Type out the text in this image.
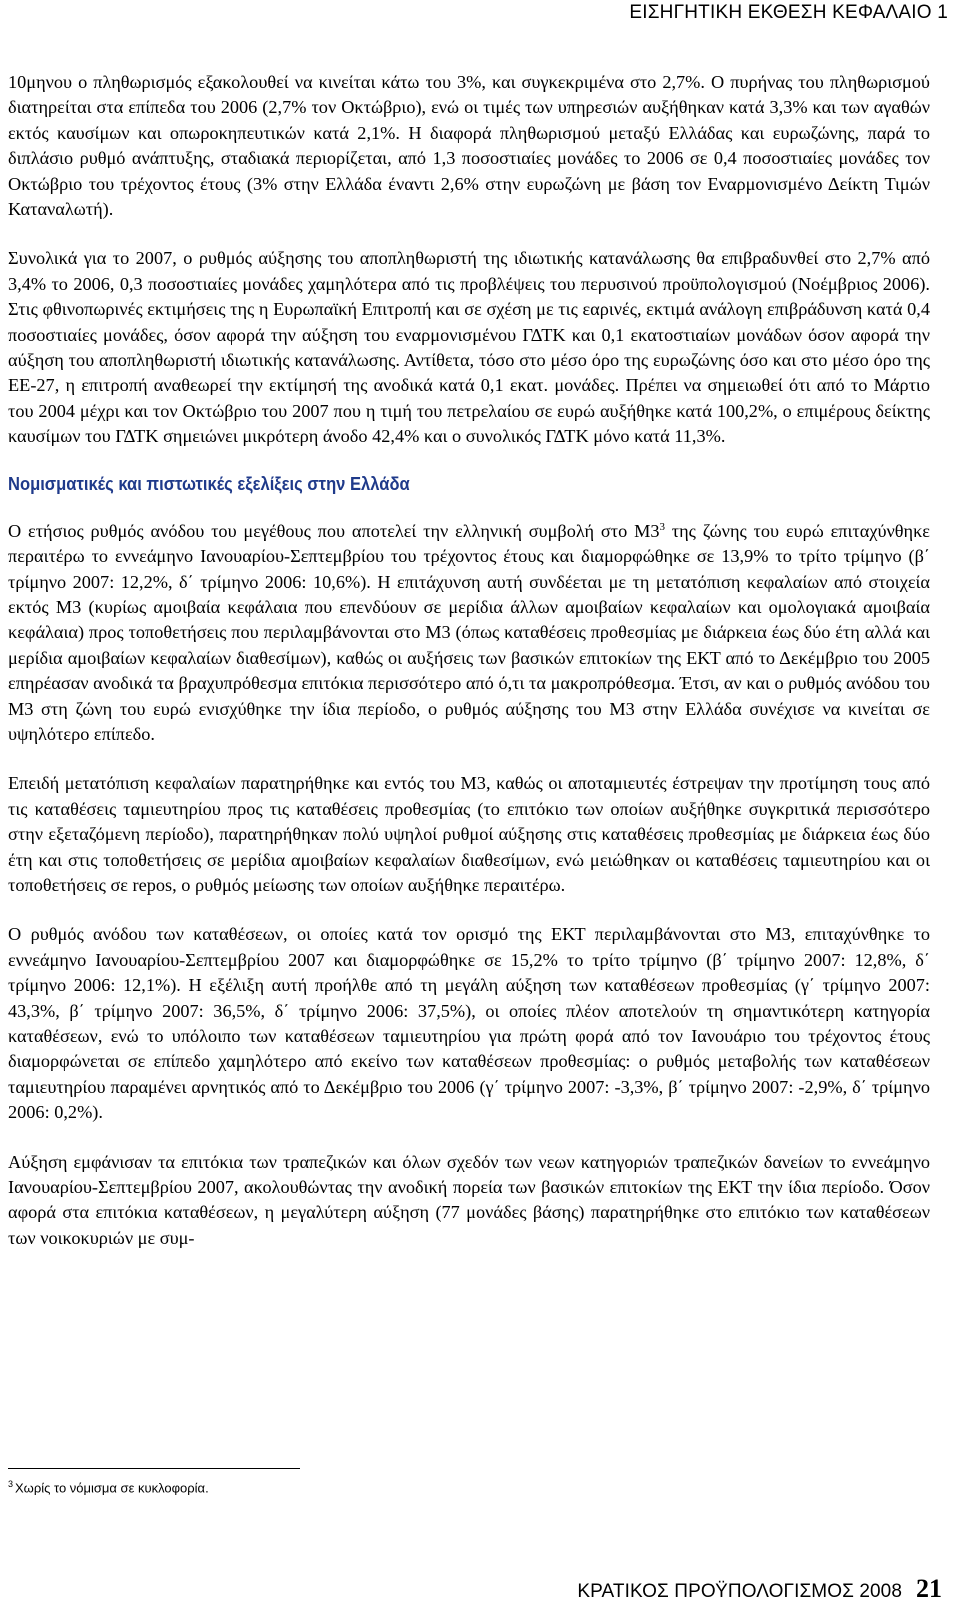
ΕΙΣΗΓΗΤΙΚΗ ΕΚΘΕΣΗ ΚΕΦΑΛΑΙΟ 1

10μηνου ο πληθωρισμός εξακολουθεί να κινείται κάτω του 3%, και συγκεκριμένα στο 2,7%. Ο πυρήνας του πληθωρισμού διατηρείται στα επίπεδα του 2006 (2,7% τον Οκτώβριο), ενώ οι τιμές των υπηρεσιών αυξήθηκαν κατά 3,3% και των αγαθών εκτός καυσίμων και οπωροκηπευτικών κατά 2,1%. Η διαφορά πληθωρισμού μεταξύ Ελλάδας και ευρωζώνης, παρά το διπλάσιο ρυθμό ανάπτυξης, σταδιακά περιορίζεται, από 1,3 ποσοστιαίες μονάδες το 2006 σε 0,4 ποσοστιαίες μονάδες τον Οκτώβριο του τρέχοντος έτους (3% στην Ελλάδα έναντι 2,6% στην ευρωζώνη με βάση τον Εναρμονισμένο Δείκτη Τιμών Καταναλωτή).

Συνολικά για το 2007, ο ρυθμός αύξησης του αποπληθωριστή της ιδιωτικής κατανάλωσης θα επιβραδυνθεί στο 2,7% από 3,4% το 2006, 0,3 ποσοστιαίες μονάδες χαμηλότερα από τις προβλέψεις του περυσινού προϋπολογισμού (Νοέμβριος 2006). Στις φθινοπωρινές εκτιμήσεις της η Ευρωπαϊκή Επιτροπή και σε σχέση με τις εαρινές, εκτιμά ανάλογη επιβράδυνση κατά 0,4 ποσοστιαίες μονάδες, όσον αφορά την αύξηση του εναρμονισμένου ΓΔΤΚ και 0,1 εκατοστιαίων μονάδων όσον αφορά την αύξηση του αποπληθωριστή ιδιωτικής κατανάλωσης. Αντίθετα, τόσο στο μέσο όρο της ευρωζώνης όσο και στο μέσο όρο της ΕΕ-27, η επιτροπή αναθεωρεί την εκτίμησή της ανοδικά κατά 0,1 εκατ. μονάδες. Πρέπει να σημειωθεί ότι από το Μάρτιο του 2004 μέχρι και τον Οκτώβριο του 2007 που η τιμή του πετρελαίου σε ευρώ αυξήθηκε κατά 100,2%, ο επιμέρους δείκτης καυσίμων του ΓΔΤΚ σημειώνει μικρότερη άνοδο 42,4% και ο συνολικός ΓΔΤΚ μόνο κατά 11,3%.

Νομισματικές και πιστωτικές εξελίξεις στην Ελλάδα

Ο ετήσιος ρυθμός ανόδου του μεγέθους που αποτελεί την ελληνική συμβολή στο Μ3$^3$ της ζώνης του ευρώ επιταχύνθηκε περαιτέρω το εννεάμηνο Ιανουαρίου-Σεπτεμβρίου του τρέχοντος έτους και διαμορφώθηκε σε 13,9% το τρίτο τρίμηνο (β΄ τρίμηνο 2007: 12,2%, δ΄ τρίμηνο 2006: 10,6%). Η επιτάχυνση αυτή συνδέεται με τη μετατόπιση κεφαλαίων από στοιχεία εκτός Μ3 (κυρίως αμοιβαία κεφάλαια που επενδύουν σε μερίδια άλλων αμοιβαίων κεφαλαίων και ομολογιακά αμοιβαία κεφάλαια) προς τοποθετήσεις που περιλαμβάνονται στο Μ3 (όπως καταθέσεις προθεσμίας με διάρκεια έως δύο έτη αλλά και μερίδια αμοιβαίων κεφαλαίων διαθεσίμων), καθώς οι αυξήσεις των βασικών επιτοκίων της ΕΚΤ από το Δεκέμβριο του 2005 επηρέασαν ανοδικά τα βραχυπρόθεσμα επιτόκια περισσότερο από ό,τι τα μακροπρόθεσμα. Έτσι, αν και ο ρυθμός ανόδου του Μ3 στη ζώνη του ευρώ ενισχύθηκε την ίδια περίοδο, ο ρυθμός αύξησης του Μ3 στην Ελλάδα συνέχισε να κινείται σε υψηλότερο επίπεδο.

Επειδή μετατόπιση κεφαλαίων παρατηρήθηκε και εντός του Μ3, καθώς οι αποταμιευτές έστρεψαν την προτίμηση τους από τις καταθέσεις ταμιευτηρίου προς τις καταθέσεις προθεσμίας (το επιτόκιο των οποίων αυξήθηκε συγκριτικά περισσότερο στην εξεταζόμενη περίοδο), παρατηρήθηκαν πολύ υψηλοί ρυθμοί αύξησης στις καταθέσεις προθεσμίας με διάρκεια έως δύο έτη και στις τοποθετήσεις σε μερίδια αμοιβαίων κεφαλαίων διαθεσίμων, ενώ μειώθηκαν οι καταθέσεις ταμιευτηρίου και οι τοποθετήσεις σε repos, ο ρυθμός μείωσης των οποίων αυξήθηκε περαιτέρω.

Ο ρυθμός ανόδου των καταθέσεων, οι οποίες κατά τον ορισμό της ΕΚΤ περιλαμβάνονται στο Μ3, επιταχύνθηκε το εννεάμηνο Ιανουαρίου-Σεπτεμβρίου 2007 και διαμορφώθηκε σε 15,2% το τρίτο τρίμηνο (β΄ τρίμηνο 2007: 12,8%, δ΄ τρίμηνο 2006: 12,1%). Η εξέλιξη αυτή προήλθε από τη μεγάλη αύξηση των καταθέσεων προθεσμίας (γ΄ τρίμηνο 2007: 43,3%, β΄ τρίμηνο 2007: 36,5%, δ΄ τρίμηνο 2006: 37,5%), οι οποίες πλέον αποτελούν τη σημαντικότερη κατηγορία καταθέσεων, ενώ το υπόλοιπο των καταθέσεων ταμιευτηρίου για πρώτη φορά από τον Ιανουάριο του τρέχοντος έτους διαμορφώνεται σε επίπεδο χαμηλότερο από εκείνο των καταθέσεων προθεσμίας: ο ρυθμός μεταβολής των καταθέσεων ταμιευτηρίου παραμένει αρνητικός από το Δεκέμβριο του 2006 (γ΄ τρίμηνο 2007: -3,3%, β΄ τρίμηνο 2007: -2,9%, δ΄ τρίμηνο 2006: 0,2%).

Αύξηση εμφάνισαν τα επιτόκια των τραπεζικών και όλων σχεδόν των νεων κατηγοριών τραπεζικών δανείων το εννεάμηνο Ιανουαρίου-Σεπτεμβρίου 2007, ακολουθώντας την ανοδική πορεία των βασικών επιτοκίων της ΕΚΤ την ίδια περίοδο. Όσον αφορά στα επιτόκια καταθέσεων, η μεγαλύτερη αύξηση (77 μονάδες βάσης) παρατηρήθηκε στο επιτόκιο των καταθέσεων των νοικοκυριών με συμ-

$^3$ Χωρίς το νόμισμα σε κυκλοφορία.
ΚΡΑΤΙΚΟΣ ΠΡΟΫΠΟΛΟΓΙΣΜΟΣ 2008 21
